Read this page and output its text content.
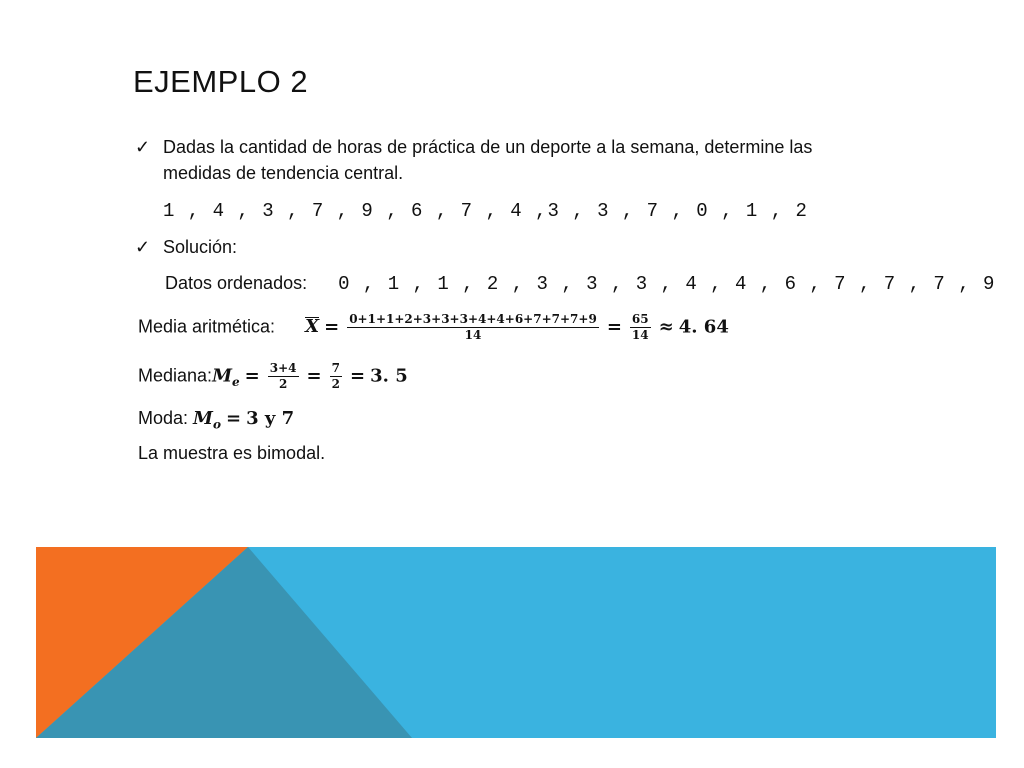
EJEMPLO 2
✓ Dadas la cantidad de horas de práctica de un deporte a la semana, determine las
medidas de tendencia central.
1 , 4 , 3 , 7 , 9 , 6 , 7 , 4 ,3 , 3 , 7 , 0 , 1 , 2
✓ Solución:
Datos ordenados: 0 , 1 , 1 , 2 , 3 , 3 , 3 , 4 , 4 , 6 , 7 , 7 , 7 , 9
Media aritmética: $X = \frac{0+1+1+2+3+3+3+4+4+6+7+7+7+9}{14} = \frac{65}{14} \approx 4$. 64
$Mediana:M_e = \frac{3+4}{2} = \frac{7}{2} = 3$. 5
Moda: $M_o = 3$ y 7
La muestra es bimodal.
